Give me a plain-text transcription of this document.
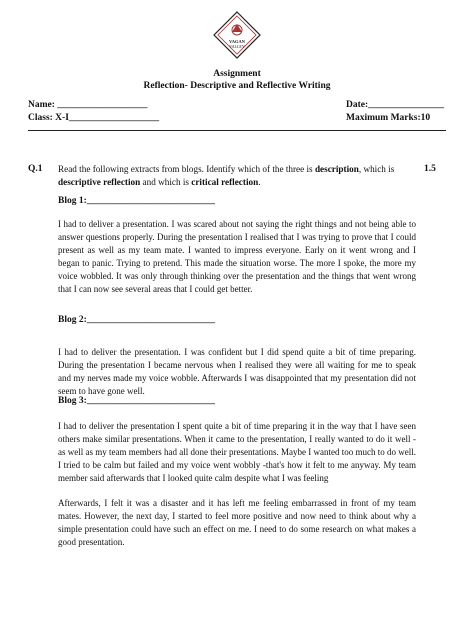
VAGAN
VALLEY
Assignment
Reflection- Descriptive and Reflective Writing
Name: ___________________	Date:________________
Class: X-I___________________	Maximum Marks:10
Q.1	1.5
Read the following extracts from blogs. Identify which of the three is description, which is
descriptive reflection and which is critical reflection.
Blog 1:___________________________
I had to deliver a presentation. I was scared about not saying the right things and not being able to answer questions properly. During the presentation I realised that I was trying to prove that I could present as well as my team mate. I wanted to impress everyone. Early on it went wrong and I began to panic. Trying to pretend. This made the situation worse. The more I spoke, the more my voice wobbled. It was only through thinking over the presentation and the things that went wrong that I can now see several areas that I could get better.
Blog 2:___________________________
I had to deliver the presentation. I was confident but I did spend quite a bit of time preparing. During the presentation I became nervous when I realised they were all waiting for me to speak and my nerves made my voice wobble. Afterwards I was disappointed that my presentation did not seem to have gone well.
Blog 3:___________________________
I had to deliver the presentation I spent quite a bit of time preparing it in the way that I have seen others make similar presentations. When it came to the presentation, I really wanted to do it well - as well as my team members had all done their presentations. Maybe I wanted too much to do well. I tried to be calm but failed and my voice went wobbly -that's how it felt to me anyway. My team member said afterwards that I looked quite calm despite what I was feeling
Afterwards, I felt it was a disaster and it has left me feeling embarrassed in front of my team mates. However, the next day, I started to feel more positive and now need to think about why a simple presentation could have such an effect on me. I need to do some research on what makes a good presentation.
